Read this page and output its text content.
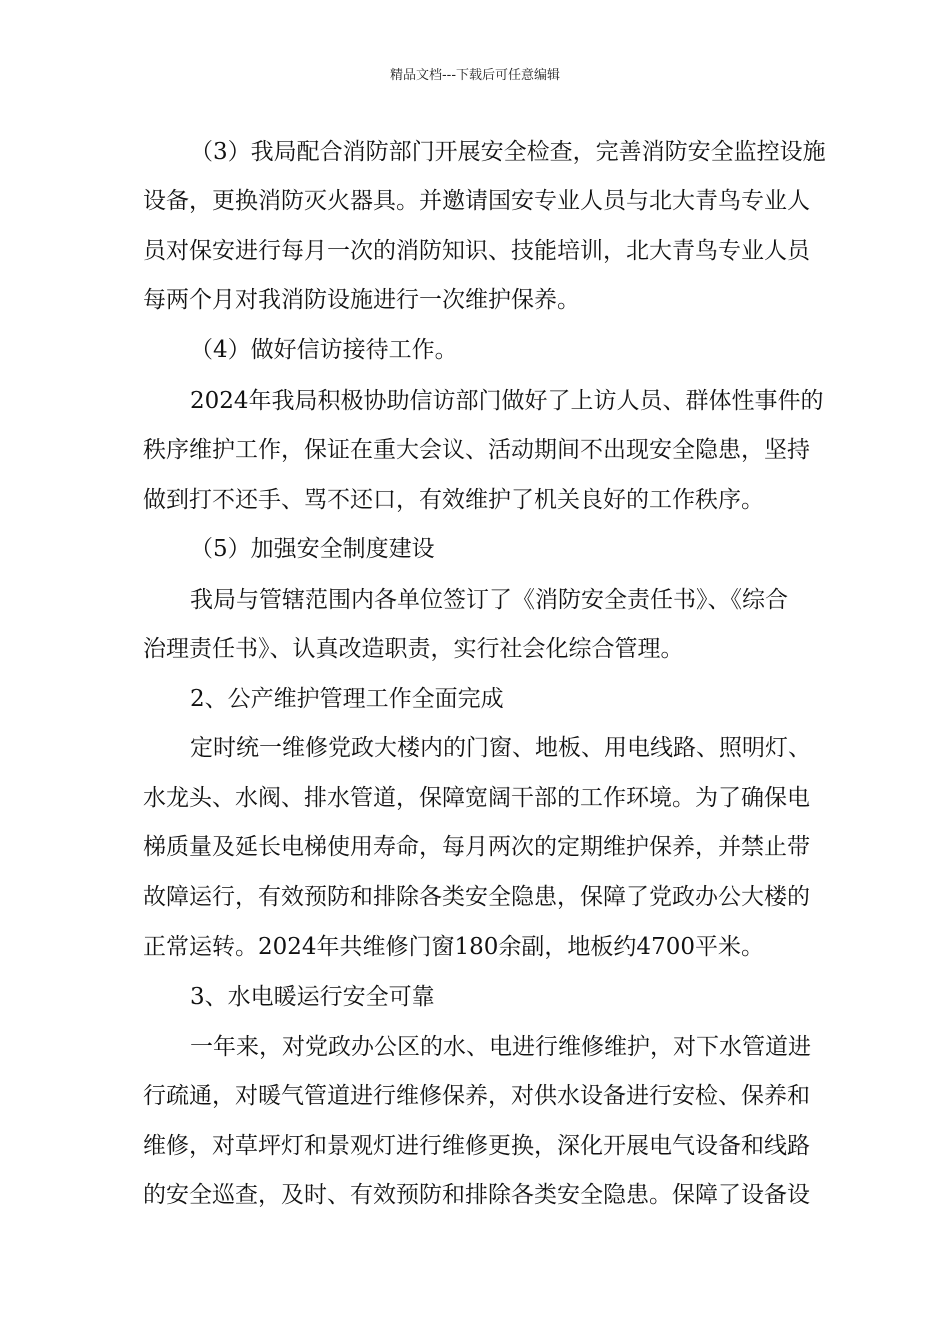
精品文档---下载后可任意编辑
（3）我局配合消防部门开展安全检查，完善消防安全监控设施
设备，更换消防灭火器具。并邀请国安专业人员与北大青鸟专业人
员对保安进行每月一次的消防知识、技能培训，北大青鸟专业人员
每两个月对我消防设施进行一次维护保养。
（4）做好信访接待工作。
2024年我局积极协助信访部门做好了上访人员、群体性事件的
秩序维护工作，保证在重大会议、活动期间不出现安全隐患，坚持
做到打不还手、骂不还口，有效维护了机关良好的工作秩序。
（5）加强安全制度建设
我局与管辖范围内各单位签订了《消防安全责任书》、《综合
治理责任书》、认真改造职责，实行社会化综合管理。
2、公产维护管理工作全面完成
定时统一维修党政大楼内的门窗、地板、用电线路、照明灯、
水龙头、水阀、排水管道，保障宽阔干部的工作环境。为了确保电
梯质量及延长电梯使用寿命，每月两次的定期维护保养，并禁止带
故障运行，有效预防和排除各类安全隐患，保障了党政办公大楼的
正常运转。2024年共维修门窗180余副，地板约4700平米。
3、水电暖运行安全可靠
一年来，对党政办公区的水、电进行维修维护，对下水管道进
行疏通，对暖气管道进行维修保养，对供水设备进行安检、保养和
维修，对草坪灯和景观灯进行维修更换，深化开展电气设备和线路
的安全巡查，及时、有效预防和排除各类安全隐患。保障了设备设
